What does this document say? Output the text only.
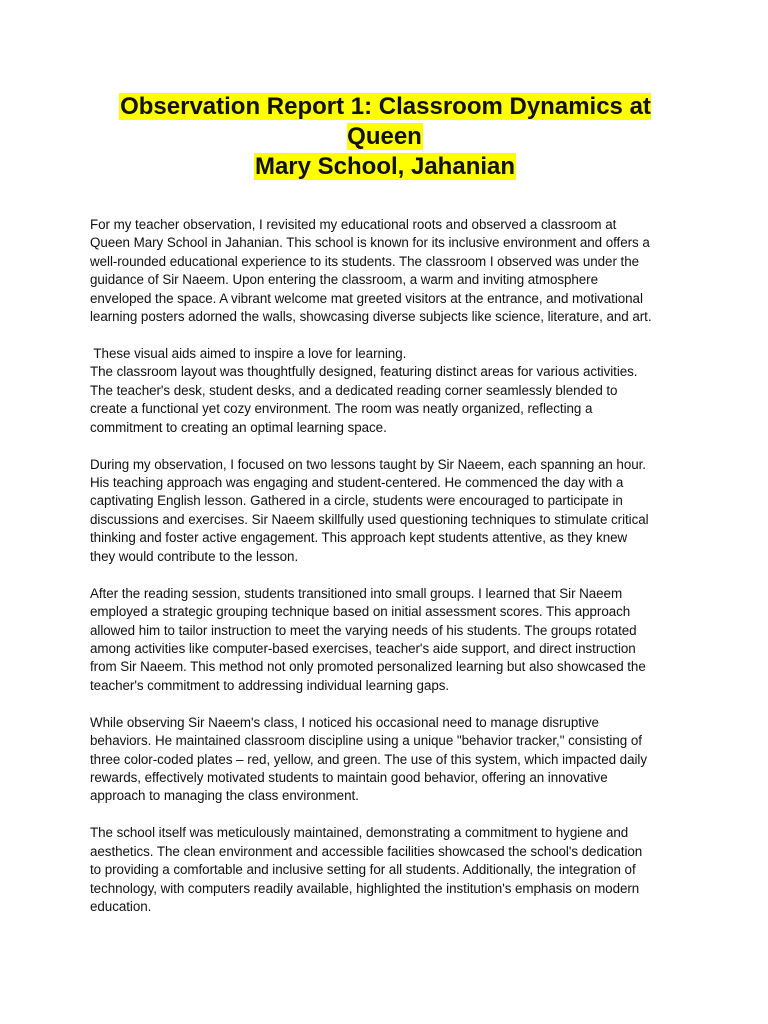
Observation Report 1: Classroom Dynamics at Queen
Mary School, Jahanian

For my teacher observation, I revisited my educational roots and observed a classroom at
Queen Mary School in Jahanian. This school is known for its inclusive environment and offers a
well-rounded educational experience to its students. The classroom I observed was under the
guidance of Sir Naeem. Upon entering the classroom, a warm and inviting atmosphere
enveloped the space. A vibrant welcome mat greeted visitors at the entrance, and motivational
learning posters adorned the walls, showcasing diverse subjects like science, literature, and art.

These visual aids aimed to inspire a love for learning.
The classroom layout was thoughtfully designed, featuring distinct areas for various activities.
The teacher's desk, student desks, and a dedicated reading corner seamlessly blended to
create a functional yet cozy environment. The room was neatly organized, reflecting a
commitment to creating an optimal learning space.

During my observation, I focused on two lessons taught by Sir Naeem, each spanning an hour.
His teaching approach was engaging and student-centered. He commenced the day with a
captivating English lesson. Gathered in a circle, students were encouraged to participate in
discussions and exercises. Sir Naeem skillfully used questioning techniques to stimulate critical
thinking and foster active engagement. This approach kept students attentive, as they knew
they would contribute to the lesson.

After the reading session, students transitioned into small groups. I learned that Sir Naeem
employed a strategic grouping technique based on initial assessment scores. This approach
allowed him to tailor instruction to meet the varying needs of his students. The groups rotated
among activities like computer-based exercises, teacher's aide support, and direct instruction
from Sir Naeem. This method not only promoted personalized learning but also showcased the
teacher's commitment to addressing individual learning gaps.

While observing Sir Naeem's class, I noticed his occasional need to manage disruptive
behaviors. He maintained classroom discipline using a unique "behavior tracker," consisting of
three color-coded plates – red, yellow, and green. The use of this system, which impacted daily
rewards, effectively motivated students to maintain good behavior, offering an innovative
approach to managing the class environment.

The school itself was meticulously maintained, demonstrating a commitment to hygiene and
aesthetics. The clean environment and accessible facilities showcased the school's dedication
to providing a comfortable and inclusive setting for all students. Additionally, the integration of
technology, with computers readily available, highlighted the institution's emphasis on modern
education.
